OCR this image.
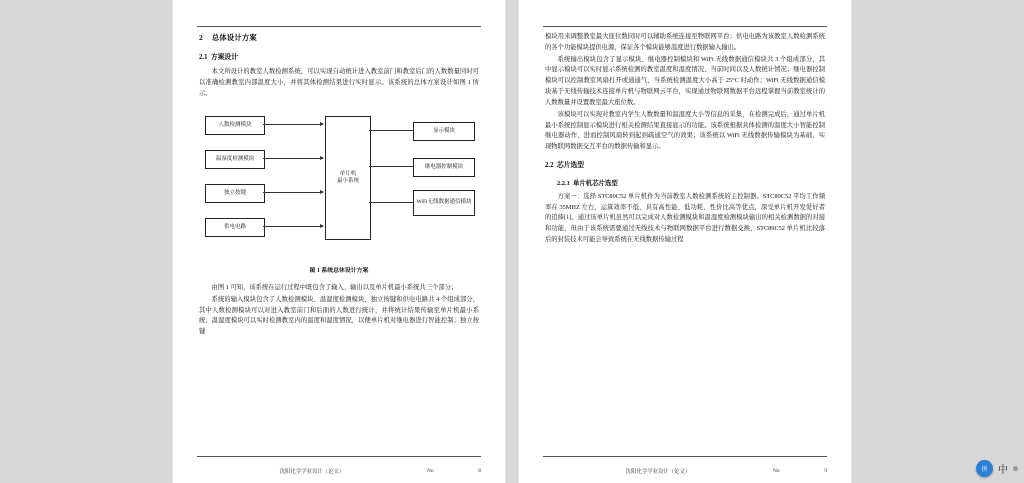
2 总体设计方案
2.1 方案设计

本文所设计的教室人数检测系统，可以实现自动统计进入教室前门和教室后门的人数数量同时可以准确检测教室内部温度大小，并将其体检测结果进行实时显示。该系统的总体方案设计如图 1 所示。

人数检测模块
温湿度检测模块
独立按键
供电电路
单片机
最小系统
显示模块
继电器控制模块
WiFi无线数据通信模块
图 1 系统总体设计方案

由图 1 可知，该系统在运行过程中既包含了输入、输出以及单片机最小系统共三个部分；

系统的输入模块包含了人数检测模块、温湿度检测模块、独立按键和供电电路共 4 个组成部分，其中人数检测模块可以对进入教室前门和后面的人数进行统计，并将统计结果传输至单片机最小系统；温湿度模块可以实时检测教室内的温度和湿度情况，以便单片机对继电器进行智能控制；独立按键

沈阳化学学业设计（论文）	No	8

模块用来调整教室最大座位数同时可以辅助系统连接至物联网平台；供电电路为该教室人数检测系统的各个功能模块提供电源，保证各个模块能够温度进行数据输入输出。

系统输出模块包含了显示模块、继电器控制模块和 WiFi 无线数据通信模块共 3 个组成部分，其中显示模块可以实时显示系统检测的教室温度和湿度情况、当前时间以及人数统计情况；继电器控制模块可以控制教室风扇打开或通通气，当系统检测温度大小高于 25°C 时动作；WiFi 无线数据通信模块基于无线传输技术连接单片机与物联网云平台，实现通过物联网数据平台远程掌握当前教室统计的人数数量并设置教室最大座位数。

该模块可以实现对教室内学生人数数量和温湿度大小等信息的采集，在检测完成后，通过单片机最小系统控制显示模块进行相关检测结果直接显示的功能。该系统根据具体检测的温度大小智能控制继电器动作，进而控制风扇转到起到疏通空气的效果；该系统以 WiFi 无线数据传输模块为基础，实现物联网数据交互平台的数据传输和显示。

2.2 芯片选型
2.2.1 单片机芯片选型

方案一：选择 STC89C52 单片机作为当前教室人数检测系统的主控制器。STC89C52 平均工作频率在 35MHZ 左右，运算效率不低，具有高性能、低功耗、性价比高等优点，深受单片机开发爱好者的追捧[1]。通过该单片机虽然可以完成对人数检测模块和温湿度检测模块输出的相关检测数据的对接和功能，但由于该系统需要通过无线技术与物联网数据平台进行数据交换，STC89C52 单片机比较落后的封装技术可能会导致系统在无线数据传输过程

沈阳化学学业设计（论文）	No	9	拼	中
